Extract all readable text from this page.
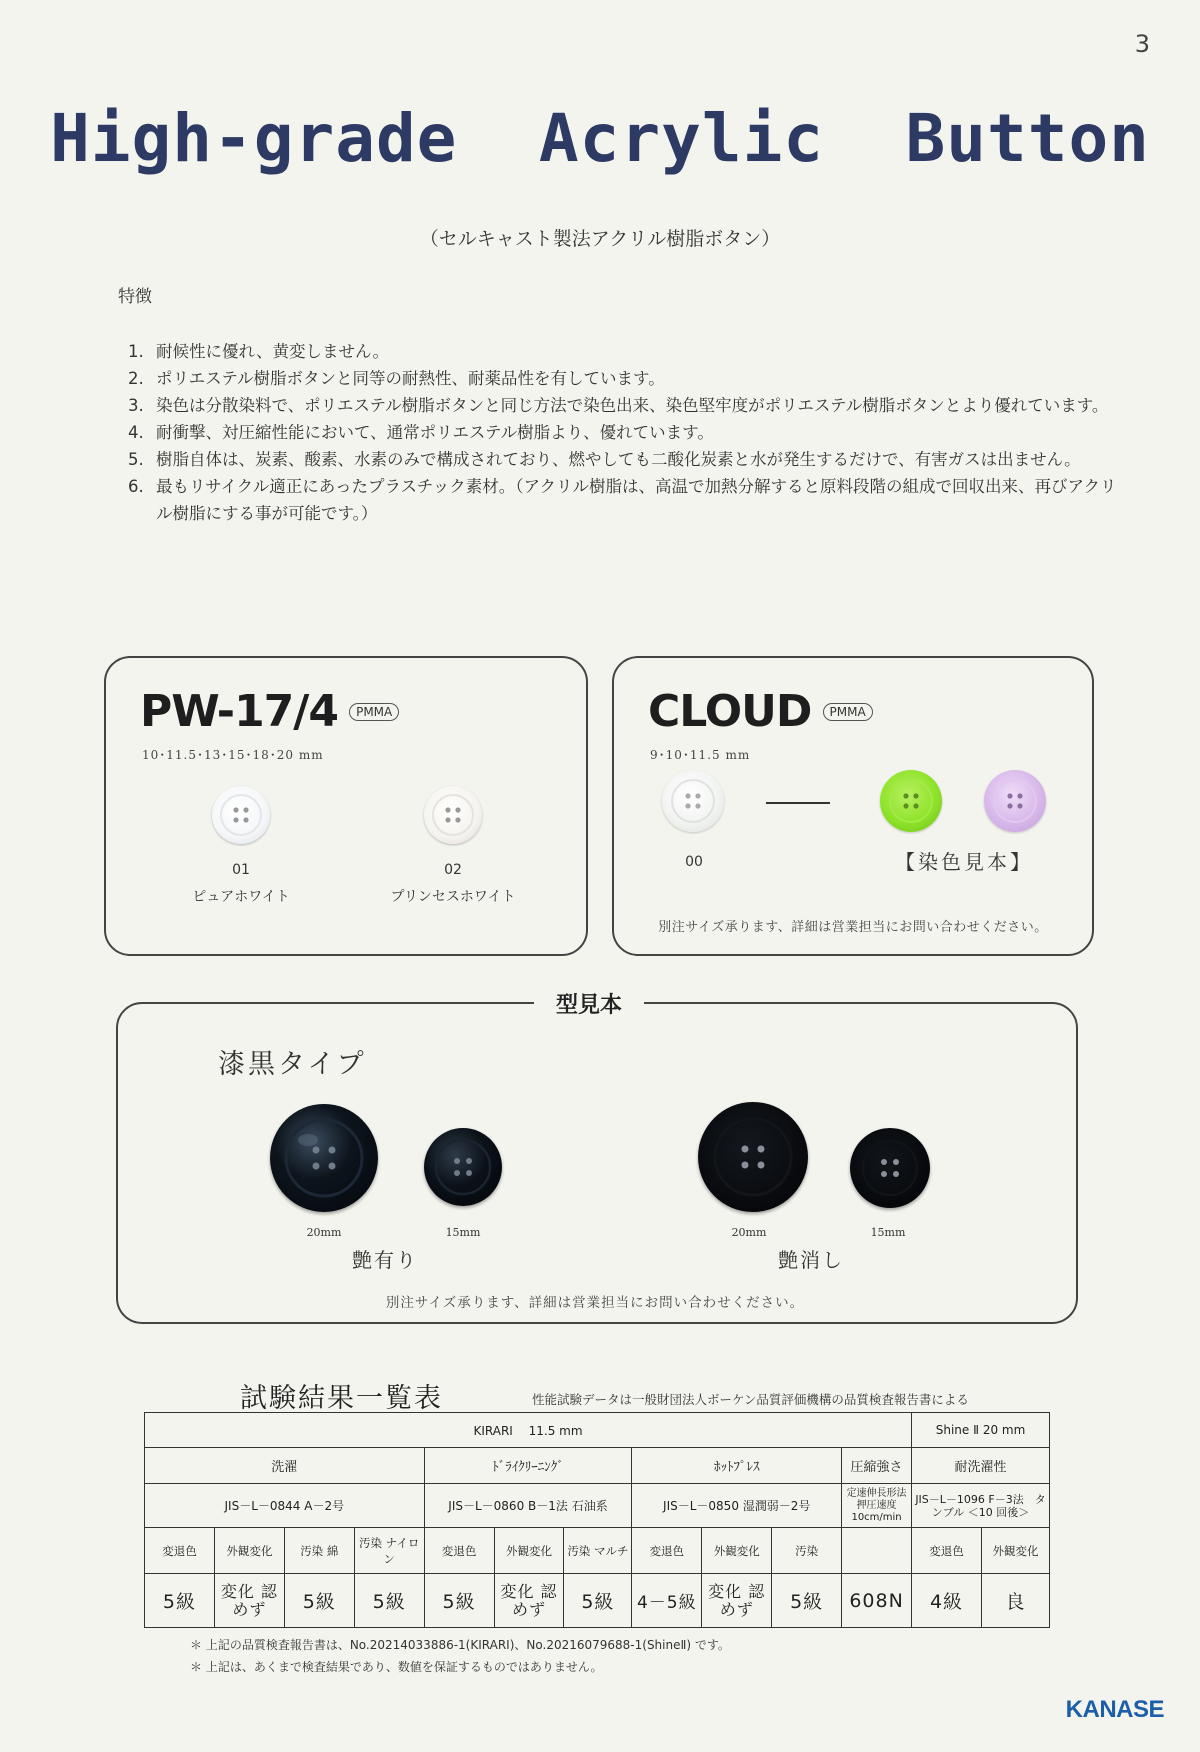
3
High-grade  Acrylic  Button
（セルキャスト製法アクリル樹脂ボタン）
特徴
1. 耐候性に優れ、黄変しません。
2. ポリエステル樹脂ボタンと同等の耐熱性、耐薬品性を有しています。
3. 染色は分散染料で、ポリエステル樹脂ボタンと同じ方法で染色出来、染色堅牢度がポリエステル樹脂ボタンとより優れています。
4. 耐衝撃、対圧縮性能において、通常ポリエステル樹脂より、優れています。
5. 樹脂自体は、炭素、酸素、水素のみで構成されており、燃やしても二酸化炭素と水が発生するだけで、有害ガスは出ません。
6. 最もリサイクル適正にあったプラスチック素材。（アクリル樹脂は、高温で加熱分解すると原料段階の組成で回収出来、再びアクリル樹脂にする事が可能です。）
PW-17/4 $^{PMMA}$
10･11.5･13･15･18･20 mm
01
ピュアホワイト
02
プリンセスホワイト
CLOUD $^{PMMA}$
9･10･11.5 mm
00	【染色見本】
別注サイズ承ります、詳細は営業担当にお問い合わせください。
型見本
漆黒タイプ
20mm	15mm
艶有り
20mm	15mm
艶消し
別注サイズ承ります、詳細は営業担当にお問い合わせください。
試験結果一覧表	性能試験データは一般財団法人ボーケン品質評価機構の品質検査報告書による
KIRARI　 11.5 mm											Shine Ⅱ 20 mm	
洗濯				ﾄﾞﾗｲｸﾘｰﾆﾝｸﾞ			ﾎｯﾄﾌﾟﾚｽ			圧縮強さ	耐洗濯性	
JIS－L－0844 A－2号				JIS－L－0860 B－1法 石油系			JIS－L－0850 湿潤弱－2号			定速伸長形法 押圧速度 10cm/min	JIS－L－1096 F－3法　タンブル ＜10 回後＞	
変退色	外観変化	汚染 綿	汚染 ナイロン	変退色	外観変化	汚染 マルチ	変退色	外観変化	汚染		変退色	外観変化
5級	変化 認めず	5級	5級	5級	変化 認めず	5級	4－5級	変化 認めず	5級	608N	4級	良
＊ 上記の品質検査報告書は、No.20214033886-1(KIRARI)、No.20216079688-1(ShineⅡ) です。
＊ 上記は、あくまで検査結果であり、数値を保証するものではありません。
KANASE
